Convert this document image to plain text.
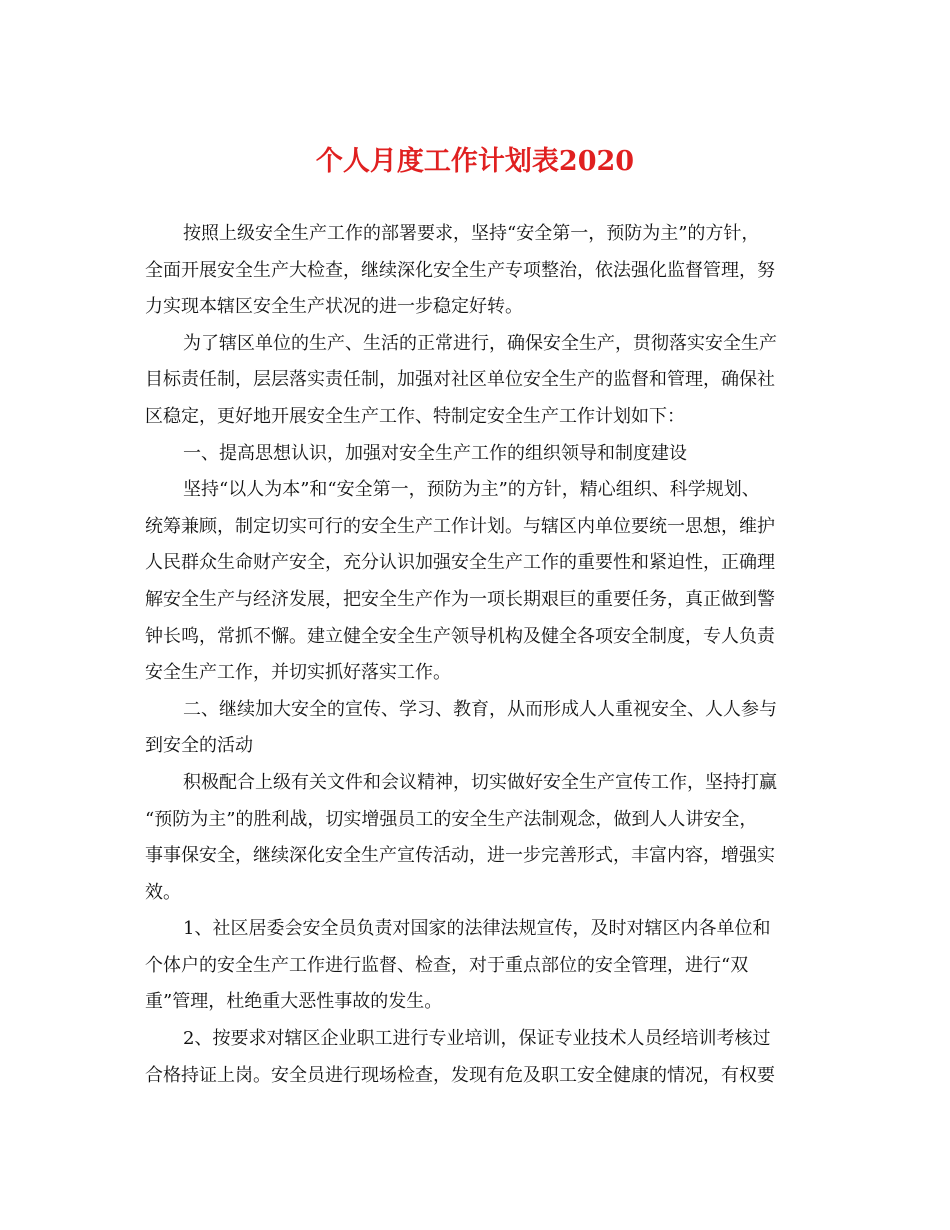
个人月度工作计划表2020
按照上级安全生产工作的部署要求，坚持“安全第一，预防为主”的方针，
全面开展安全生产大检查，继续深化安全生产专项整治，依法强化监督管理，努
力实现本辖区安全生产状况的进一步稳定好转。
为了辖区单位的生产、生活的正常进行，确保安全生产，贯彻落实安全生产
目标责任制，层层落实责任制，加强对社区单位安全生产的监督和管理，确保社
区稳定，更好地开展安全生产工作、特制定安全生产工作计划如下：
一、提高思想认识，加强对安全生产工作的组织领导和制度建设
坚持“以人为本”和“安全第一，预防为主”的方针，精心组织、科学规划、
统筹兼顾，制定切实可行的安全生产工作计划。与辖区内单位要统一思想，维护
人民群众生命财产安全，充分认识加强安全生产工作的重要性和紧迫性，正确理
解安全生产与经济发展，把安全生产作为一项长期艰巨的重要任务，真正做到警
钟长鸣，常抓不懈。建立健全安全生产领导机构及健全各项安全制度，专人负责
安全生产工作，并切实抓好落实工作。
二、继续加大安全的宣传、学习、教育，从而形成人人重视安全、人人参与
到安全的活动
积极配合上级有关文件和会议精神，切实做好安全生产宣传工作，坚持打赢
“预防为主”的胜利战，切实增强员工的安全生产法制观念，做到人人讲安全，
事事保安全，继续深化安全生产宣传活动，进一步完善形式，丰富内容，增强实
效。
1、社区居委会安全员负责对国家的法律法规宣传，及时对辖区内各单位和
个体户的安全生产工作进行监督、检查，对于重点部位的安全管理，进行“双
重”管理，杜绝重大恶性事故的发生。
2、按要求对辖区企业职工进行专业培训，保证专业技术人员经培训考核过
合格持证上岗。安全员进行现场检查，发现有危及职工安全健康的情况，有权要
